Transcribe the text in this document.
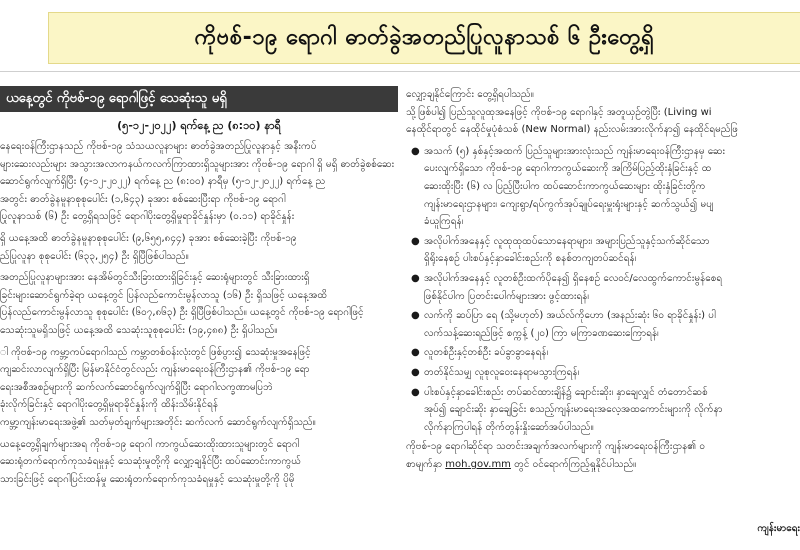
ကိုဗစ်-၁၉ ရောဂါ ဓာတ်ခွဲအတည်ပြုလူနာသစ် ၆ ဦးတွေ့ရှိ
ယနေ့တွင် ကိုဗစ်-၁၉ ရောဂါဖြင့် သေဆုံးသူ မရှိ
(၅-၁၂-၂၀၂၂) ရက်နေ့ ည (၈:၁၀) နာရီ
နေရေးဝန်ကြီးဌာနသည် ကိုဗစ်-၁၉ သံသယလူနာများ ဓာတ်ခွဲအတည်ပြုလူနာနှင့် အနီးကပ်
များဆေးလည်းများ အသွားအလာကနယ်ကလက်ကြာထားရှိသူများအား ကိုဗစ်-၁၉ ရောဂါ ရှိ မရှိ ဓာတ်ခွဲစစ်ဆေး
ဆောင်ရွက်လျက်ရှိပြီး (၄-၁၂-၂၀၂၂) ရက်နေ့ ည (၈:၀၀) နာရီမှ (၅-၁၂-၂၀၂၂) ရက်နေ့ ည
အတွင်း ဓာတ်ခွဲနမူနာစုစုပေါင်း (၁,၆၄၃) ခုအား စစ်ဆေးပြီးရာ ကိုဗစ်-၁၉ ရောဂါ
ပြုလူနာသစ် (၆) ဦး တွေ့ရှိရသဖြင့် ရောဂါပိုးတွေ့ရှိမှုရာခိုင်နှုန်းမှာ (၀.၁၁) ရာခိုင်နှုန်း
ရှိ ယနေ့အထိ ဓာတ်ခွဲနမူနာစုစုပေါင်း (၉,၆၅၅,၈၄၄) ခုအား စစ်ဆေးခဲ့ပြီး ကိုဗစ်-၁၉
ည်ပြုလူနာ စုစုပေါင်း (၆၃၃,၂၅၄) ဦး ရှိပြီဖြစ်ပါသည်။
အတည်ပြုလူနာများအား နေအိမ်တွင်သီးခြားထားရှိခြင်းနှင့် ဆေးရုံများတွင် သီးခြားထားရှိ
ခြင်းများဆောင်ရွက်ခဲ့ရာ ယနေ့တွင် ပြန်လည်ကောင်းမွန်လာသူ (၁၆) ဦး ရှိသဖြင့် ယနေ့အထိ
ပြန်လည်ကောင်းမွန်လာသူ စုစုပေါင်း (၆၀၇,၈၆၃) ဦး ရှိပြီဖြစ်ပါသည်။ ယနေ့တွင် ကိုဗစ်-၁၉ ရောဂါဖြင့်
သေဆုံးသူမရှိသဖြင့် ယနေ့အထိ သေဆုံးသူစုစုပေါင်း (၁၉,၄၈၈) ဦး ရှိပါသည်။
ါ ကိုဗစ်-၁၉ ကမ္ဘာ့ကပ်ရောဂါသည် ကမ္ဘာတစ်ဝန်းလုံးတွင် ဖြစ်ပွား၍ သေဆုံးမှုအနေဖြင့်
ကျဆင်းလာလျက်ရှိပြီး မြန်မာနိုင်ငံတွင်လည်း ကျန်းမာရေးဝန်ကြီးဌာန၏ ကိုဗစ်-၁၉ ရော
ရေးအစီအစဉ်များကို ဆက်လက်ဆောင်ရွက်လျက်ရှိပြီး ရောဂါလက္ခဏာမပြဘဲ
ခုံးလိုက်ခြင်းနှင့် ရောဂါပိုးတွေ့ရှိမှုရာခိုင်နှုန်းကို ထိန်းသိမ်းနိုင်ရန်
ကမ္ဘာ့ကျန်းမာရေးအဖွဲ့၏ သတ်မှတ်ချက်များအတိုင်း ဆက်လက် ဆောင်ရွက်လျက်ရှိသည်။
ယနေ့တွေ့ရှိချက်များအရ ကိုဗစ်-၁၉ ရောဂါ ကာကွယ်ဆေးထိုးထားသူများတွင် ရောဂါ
ဆေးရုံတက်ရောက်ကုသခံရမှုနှင့် သေဆုံးမှုတို့ကို လျှော့ချနိုင်ပြီး ထပ်ဆောင်းကာကွယ်
သားခြင်းဖြင့် ရောဂါပြင်းထန်မှု ဆေးရုံတက်ရောက်ကုသခံရမှုနှင့် သေဆုံးမှုတို့ကို ပိုမို
လျှော့ချနိုင်ကြောင်း တွေ့ရှိရပါသည်။
သို့ဖြစ်ပါ၍ ပြည်သူလူထုအနေဖြင့် ကိုဗစ်-၁၉ ရောဂါနှင့် အတူယှဉ်တွဲပြီး (Living wi
နေထိုင်ရာတွင် နေထိုင်မှုပုံစံသစ် (New Normal) နည်းလမ်းအားလိုက်နာ၍ နေထိုင်ရမည်ဖြ
● အသက် (၅) နှစ်နှင့်အထက် ပြည်သူများအားလုံးသည် ကျန်းမာရေးဝန်ကြီးဌာနမှ ဆေး
ပေးလျက်ရှိသော ကိုဗစ်-၁၉ ရောဂါကာကွယ်ဆေးကို အကြိမ်ပြည့်ထိုးနှံခြင်းနှင့် ထ
ဆေးထိုးပြီး (၆) လ ပြည့်ပြီးပါက ထပ်ဆောင်းကာကွယ်ဆေးများ ထိုးနှံခြင်းတို့က
ကျန်းမာရေးဌာနများ၊ ကျေးရွာ/ရပ်ကွက်အုပ်ချုပ်ရေးမှူးရုံးများနှင့် ဆက်သွယ်၍ မပျ
ခံယူကြရန်၊
● အလိုပါက်အနေနှင့် လူထုထုထပ်သောနေရာများ၊ အများပြည်သူနှင့်သက်ဆိုင်သော
ရှိရိုးနေစဉ် ပါးစပ်နှင့်နှာခေါင်းစည်းကို စနစ်တကျတပ်ဆင်ရန်၊
● အလိုပါက်အနေနှင့် လူတစ်ဦးထက်ပိုနေ၍ ရှိနေစဉ် လေဝင်/လေထွက်ကောင်းမွန်စေရ
ဖြစ်နိုင်ပါက ပြတင်းပေါက်များအား ဖွင့်ထားရန်၊
● လက်ကို ဆပ်ပြာ ရေ (သို့မဟုတ်) အယ်လ်ကိုဟော (အနည်းဆုံး ၆၀ ရာခိုင်နှုန်း) ပါ
လက်သန့်ဆေးရည်ဖြင့် စက္ကန့် (၂၀) ကြာ မကြာခဏဆေးကြောရန်၊
● လူတစ်ဦးနှင့်တစ်ဦး ခပ်ခွာခွာနေရန်၊
● တတ်နိုင်သမျှ လူစုလူဝေးနေရာမသွားကြရန်၊
● ပါးစပ်နှင့်နှာခေါင်းစည်း တပ်ဆင်ထားချိန်၌ ချောင်းဆိုး၊ နှာချေလျှင် တံတောင်ဆစ်
အုပ်၍ ချောင်းဆိုး နှာချေခြင်း စသည့်ကျန်းမာရေးအလေ့အထကောင်းများကို လိုက်နာ
လိုက်နာကြပါရန် တိုက်တွန်းနှိုးဆော်အပ်ပါသည်။
ကိုဗစ်-၁၉ ရောဂါဆိုင်ရာ သတင်းအချက်အလက်များကို ကျန်းမာရေးဝန်ကြီးဌာန၏ ဝ
စာမျက်နှာ moh.gov.mm တွင် ဝင်ရောက်ကြည့်ရှုနိုင်ပါသည်။
ကျန်းမာရေး
